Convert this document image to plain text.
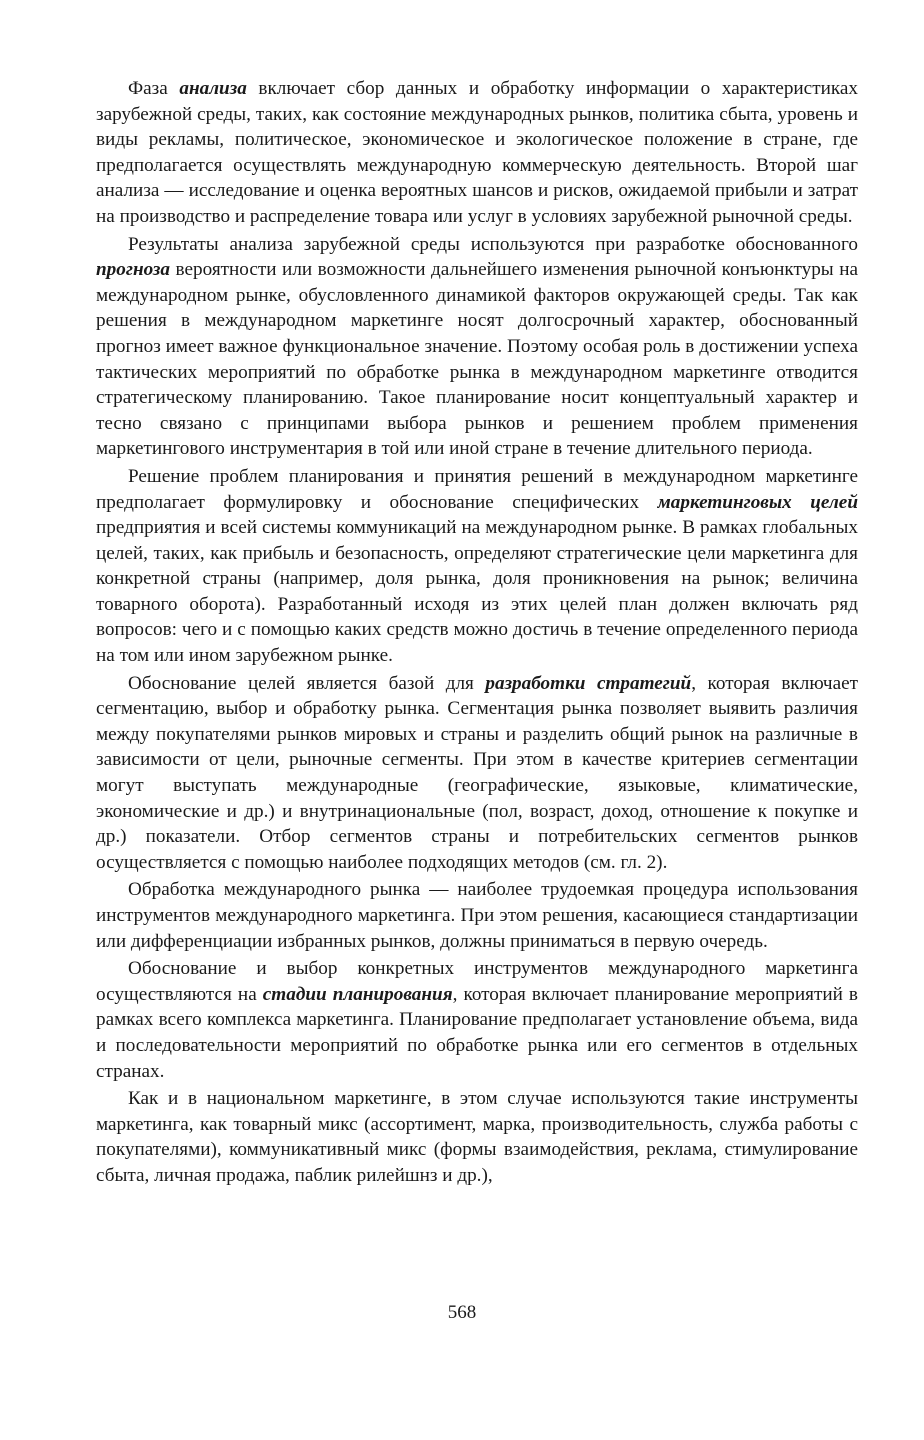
Фаза анализа включает сбор данных и обработку информации о характеристиках зарубежной среды, таких, как состояние международных рынков, политика сбыта, уровень и виды рекламы, политическое, экономическое и экологическое положение в стране, где предполагается осуществлять международную коммерческую деятельность. Второй шаг анализа — исследование и оценка вероятных шансов и рисков, ожидаемой прибыли и затрат на производство и распределение товара или услуг в условиях зарубежной рыночной среды.

Результаты анализа зарубежной среды используются при разработке обоснованного прогноза вероятности или возможности дальнейшего изменения рыночной конъюнктуры на международном рынке, обусловленного динамикой факторов окружающей среды. Так как решения в международном маркетинге носят долгосрочный характер, обоснованный прогноз имеет важное функциональное значение. Поэтому особая роль в достижении успеха тактических мероприятий по обработке рынка в международном маркетинге отводится стратегическому планированию. Такое планирование носит концептуальный характер и тесно связано с принципами выбора рынков и решением проблем применения маркетингового инструментария в той или иной стране в течение длительного периода.

Решение проблем планирования и принятия решений в международном маркетинге предполагает формулировку и обоснование специфических маркетинговых целей предприятия и всей системы коммуникаций на международном рынке. В рамках глобальных целей, таких, как прибыль и безопасность, определяют стратегические цели маркетинга для конкретной страны (например, доля рынка, доля проникновения на рынок; величина товарного оборота). Разработанный исходя из этих целей план должен включать ряд вопросов: чего и с помощью каких средств можно достичь в течение определенного периода на том или ином зарубежном рынке.

Обоснование целей является базой для разработки стратегий, которая включает сегментацию, выбор и обработку рынка. Сегментация рынка позволяет выявить различия между покупателями рынков мировых и страны и разделить общий рынок на различные в зависимости от цели, рыночные сегменты. При этом в качестве критериев сегментации могут выступать международные (географические, языковые, климатические, экономические и др.) и внутринациональные (пол, возраст, доход, отношение к покупке и др.) показатели. Отбор сегментов страны и потребительских сегментов рынков осуществляется с помощью наиболее подходящих методов (см. гл. 2).

Обработка международного рынка — наиболее трудоемкая процедура использования инструментов международного маркетинга. При этом решения, касающиеся стандартизации или дифференциации избранных рынков, должны приниматься в первую очередь.

Обоснование и выбор конкретных инструментов международного маркетинга осуществляются на стадии планирования, которая включает планирование мероприятий в рамках всего комплекса маркетинга. Планирование предполагает установление объема, вида и последовательности мероприятий по обработке рынка или его сегментов в отдельных странах.

Как и в национальном маркетинге, в этом случае используются такие инструменты маркетинга, как товарный микс (ассортимент, марка, производительность, служба работы с покупателями), коммуникативный микс (формы взаимодействия, реклама, стимулирование сбыта, личная продажа, паблик рилейшнз и др.),

568
